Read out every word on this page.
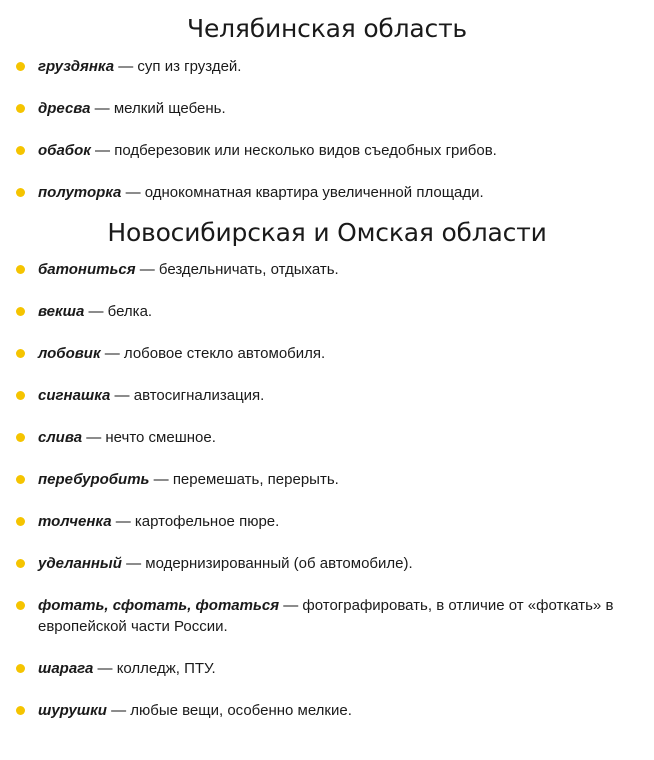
Челябинская область
груздянка — суп из груздей.
дресва — мелкий щебень.
обабок — подберезовик или несколько видов съедобных грибов.
полуторка — однокомнатная квартира увеличенной площади.
Новосибирская и Омская области
батониться — бездельничать, отдыхать.
векша — белка.
лобовик — лобовое стекло автомобиля.
сигнашка — автосигнализация.
слива — нечто смешное.
перебуробить — перемешать, перерыть.
толченка — картофельное пюре.
уделанный — модернизированный (об автомобиле).
фотать, сфотать, фотаться — фотографировать, в отличие от «фоткать» в европейской части России.
шарага — колледж, ПТУ.
шурушки — любые вещи, особенно мелкие.
